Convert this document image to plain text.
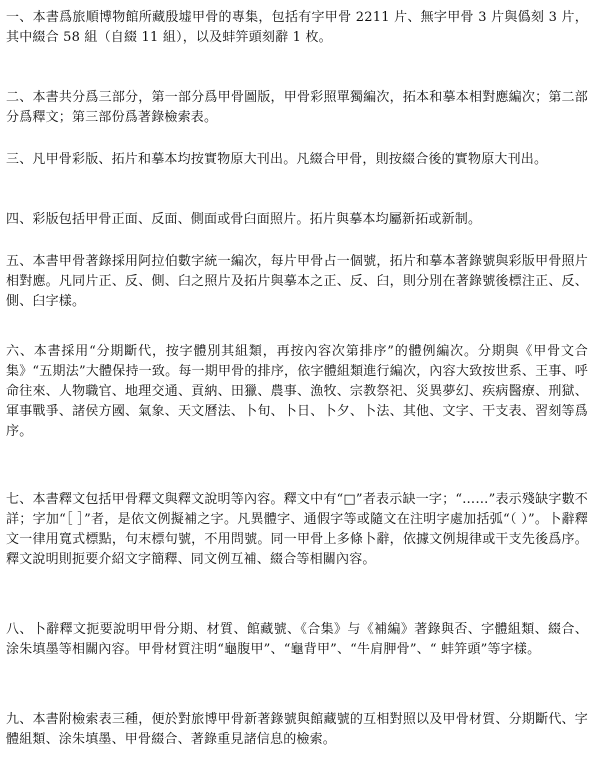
一、本書爲旅順博物館所藏殷墟甲骨的專集，包括有字甲骨 2211 片、無字甲骨 3 片與僞刻 3 片，其中綴合 58 組（自綴 11 組），以及蚌笄頭刻辭 1 枚。

二、本書共分爲三部分，第一部分爲甲骨圖版，甲骨彩照單獨編次，拓本和摹本相對應編次；第二部分爲釋文；第三部份爲著錄檢索表。

三、凡甲骨彩版、拓片和摹本均按實物原大刊出。凡綴合甲骨，則按綴合後的實物原大刊出。

四、彩版包括甲骨正面、反面、側面或骨臼面照片。拓片與摹本均屬新拓或新制。

五、本書甲骨著錄採用阿拉伯數字統一編次，每片甲骨占一個號，拓片和摹本著錄號與彩版甲骨照片相對應。凡同片正、反、側、臼之照片及拓片與摹本之正、反、臼，則分別在著錄號後標注正、反、側、臼字樣。

六、本書採用“分期斷代，按字體別其組類，再按內容次第排序”的體例編次。分期與《甲骨文合集》“五期法”大體保持一致。每一期甲骨的排序，依字體組類進行編次，內容大致按世系、王事、呼命往來、人物職官、地理交通、貢納、田獵、農事、漁牧、宗教祭祀、災異夢幻、疾病醫療、刑獄、軍事戰爭、諸侯方國、氣象、天文曆法、卜旬、卜日、卜夕、卜法、其他、文字、干支表、習刻等爲序。

七、本書釋文包括甲骨釋文與釋文說明等內容。釋文中有“□”者表示缺一字；“……”表示殘缺字數不詳；字加“［ ］”者，是依文例擬補之字。凡異體字、通假字等或隨文在注明字處加括弧“（ ）”。卜辭釋文一律用寬式標點，句末標句號，不用問號。同一甲骨上多條卜辭，依據文例規律或干支先後爲序。釋文說明則扼要介紹文字簡釋、同文例互補、綴合等相關內容。

八、卜辭釋文扼要說明甲骨分期、材質、館藏號、《合集》与《補編》著錄與否、字體組類、綴合、涂朱填墨等相關內容。甲骨材質注明“龜腹甲”、“龜背甲”、“牛肩胛骨”、“ 蚌笄頭”等字樣。

九、本書附檢索表三種，便於對旅博甲骨新著錄號與館藏號的互相對照以及甲骨材質、分期斷代、字體組類、涂朱填墨、甲骨綴合、著錄重見諸信息的檢索。
